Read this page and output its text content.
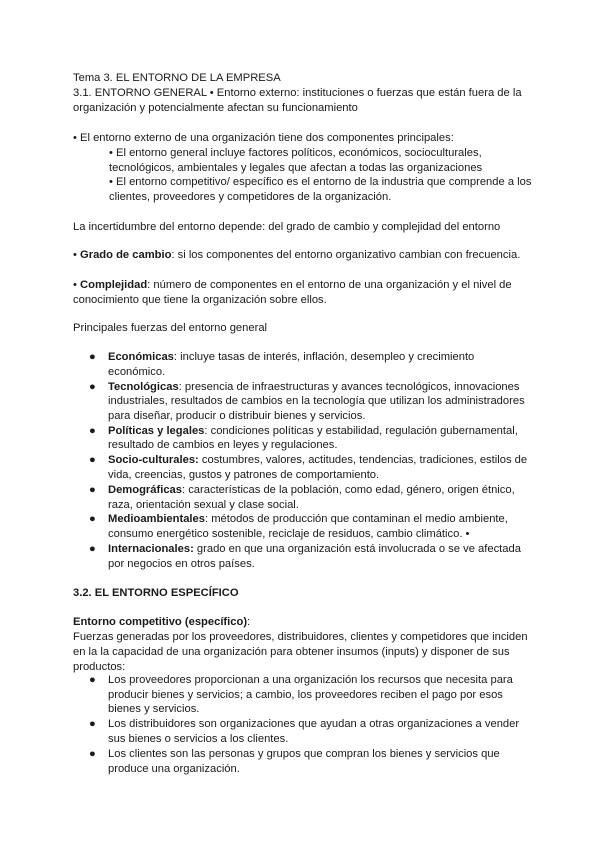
Tema 3. EL ENTORNO DE LA EMPRESA

3.1. ENTORNO GENERAL • Entorno externo: instituciones o fuerzas que están fuera de la organización y potencialmente afectan su funcionamiento

• El entorno externo de una organización tiene dos componentes principales:

• El entorno general incluye factores políticos, económicos, socioculturales, tecnológicos, ambientales y legales que afectan a todas las organizaciones

• El entorno competitivo/ específico es el entorno de la industria que comprende a los clientes, proveedores y competidores de la organización.

La incertidumbre del entorno depende: del grado de cambio y complejidad del entorno

• Grado de cambio: si los componentes del entorno organizativo cambian con frecuencia.

• Complejidad: número de componentes en el entorno de una organización y el nivel de conocimiento que tiene la organización sobre ellos.

Principales fuerzas del entorno general

● Económicas: incluye tasas de interés, inflación, desempleo y crecimiento económico.
● Tecnológicas: presencia de infraestructuras y avances tecnológicos, innovaciones industriales, resultados de cambios en la tecnología que utilizan los administradores para diseñar, producir o distribuir bienes y servicios.
● Políticas y legales: condiciones políticas y estabilidad, regulación gubernamental, resultado de cambios en leyes y regulaciones.
● Socio-culturales: costumbres, valores, actitudes, tendencias, tradiciones, estilos de vida, creencias, gustos y patrones de comportamiento.
● Demográficas: características de la población, como edad, género, origen étnico, raza, orientación sexual y clase social.
● Medioambientales: métodos de producción que contaminan el medio ambiente, consumo energético sostenible, reciclaje de residuos, cambio climático. •
● Internacionales: grado en que una organización está involucrada o se ve afectada por negocios en otros países.

3.2. EL ENTORNO ESPECÍFICO

Entorno competitivo (específico):

Fuerzas generadas por los proveedores, distribuidores, clientes y competidores que inciden en la la capacidad de una organización para obtener insumos (inputs) y disponer de sus productos:

● Los proveedores proporcionan a una organización los recursos que necesita para producir bienes y servicios; a cambio, los proveedores reciben el pago por esos bienes y servicios.
● Los distribuidores son organizaciones que ayudan a otras organizaciones a vender sus bienes o servicios a los clientes.
● Los clientes son las personas y grupos que compran los bienes y servicios que produce una organización.
